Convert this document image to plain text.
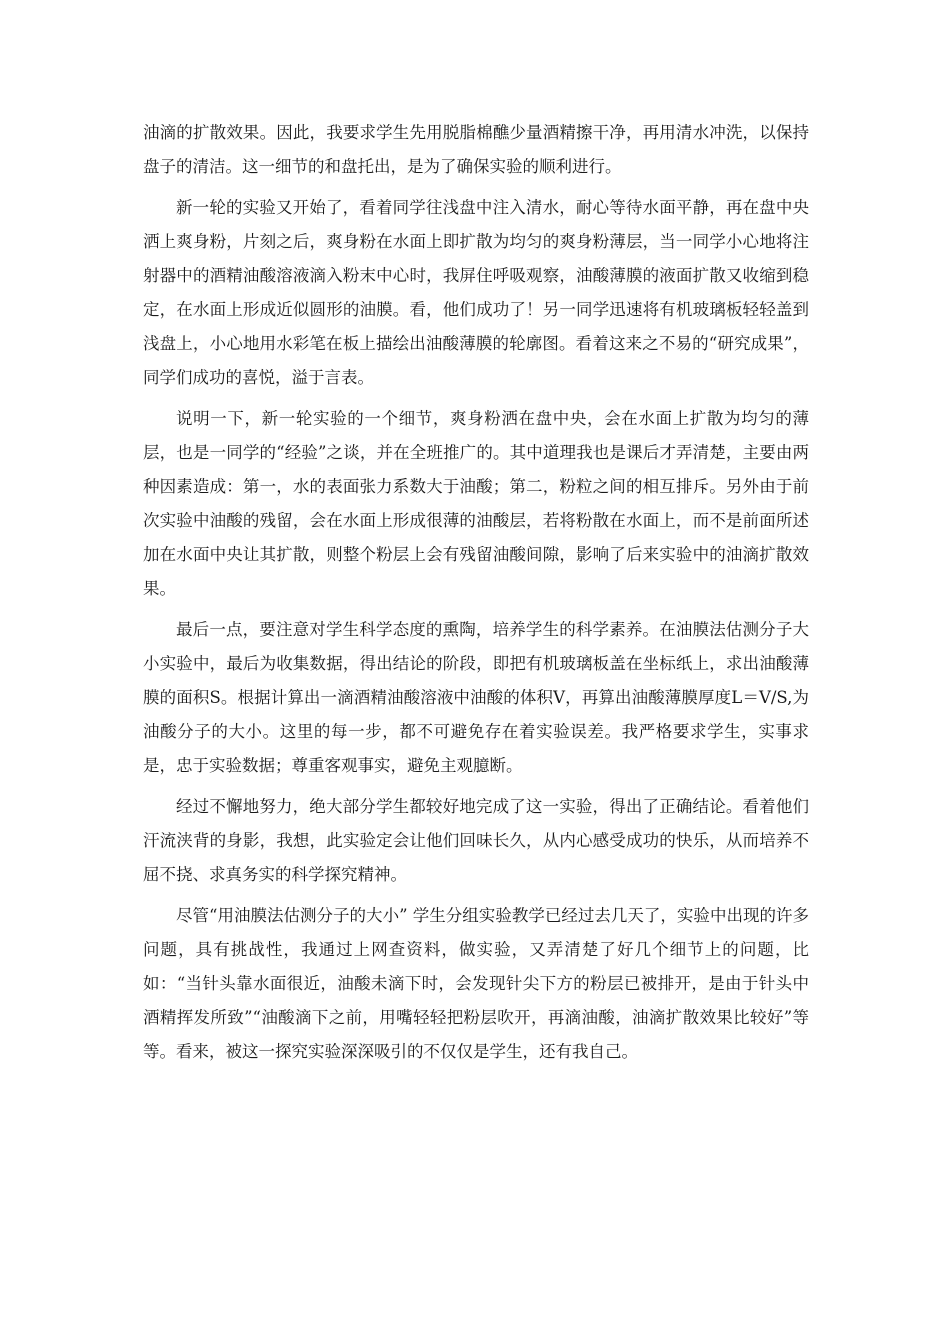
油滴的扩散效果。因此，我要求学生先用脱脂棉醮少量酒精擦干净，再用清水冲洗，以保持盘子的清洁。这一细节的和盘托出，是为了确保实验的顺利进行。

新一轮的实验又开始了，看着同学往浅盘中注入清水，耐心等待水面平静，再在盘中央洒上爽身粉，片刻之后，爽身粉在水面上即扩散为均匀的爽身粉薄层，当一同学小心地将注射器中的酒精油酸溶液滴入粉末中心时，我屏住呼吸观察，油酸薄膜的液面扩散又收缩到稳定，在水面上形成近似圆形的油膜。看，他们成功了！另一同学迅速将有机玻璃板轻轻盖到浅盘上，小心地用水彩笔在板上描绘出油酸薄膜的轮廓图。看着这来之不易的“研究成果”，同学们成功的喜悦，溢于言表。

说明一下，新一轮实验的一个细节，爽身粉洒在盘中央，会在水面上扩散为均匀的薄层，也是一同学的“经验”之谈，并在全班推广的。其中道理我也是课后才弄清楚，主要由两种因素造成：第一，水的表面张力系数大于油酸；第二，粉粒之间的相互排斥。另外由于前次实验中油酸的残留，会在水面上形成很薄的油酸层，若将粉散在水面上，而不是前面所述加在水面中央让其扩散，则整个粉层上会有残留油酸间隙，影响了后来实验中的油滴扩散效果。

最后一点，要注意对学生科学态度的熏陶，培养学生的科学素养。在油膜法估测分子大小实验中，最后为收集数据，得出结论的阶段，即把有机玻璃板盖在坐标纸上，求出油酸薄膜的面积S。根据计算出一滴酒精油酸溶液中油酸的体积V，再算出油酸薄膜厚度L＝V/S,为油酸分子的大小。这里的每一步，都不可避免存在着实验误差。我严格要求学生，实事求是，忠于实验数据；尊重客观事实，避免主观臆断。

经过不懈地努力，绝大部分学生都较好地完成了这一实验，得出了正确结论。看着他们汗流浃背的身影，我想，此实验定会让他们回味长久，从内心感受成功的快乐，从而培养不屈不挠、求真务实的科学探究精神。

尽管“用油膜法估测分子的大小” 学生分组实验教学已经过去几天了，实验中出现的许多问题，具有挑战性，我通过上网查资料，做实验，又弄清楚了好几个细节上的问题，比如：“当针头靠水面很近，油酸未滴下时，会发现针尖下方的粉层已被排开，是由于针头中酒精挥发所致”“油酸滴下之前，用嘴轻轻把粉层吹开，再滴油酸，油滴扩散效果比较好”等等。看来，被这一探究实验深深吸引的不仅仅是学生，还有我自己。
